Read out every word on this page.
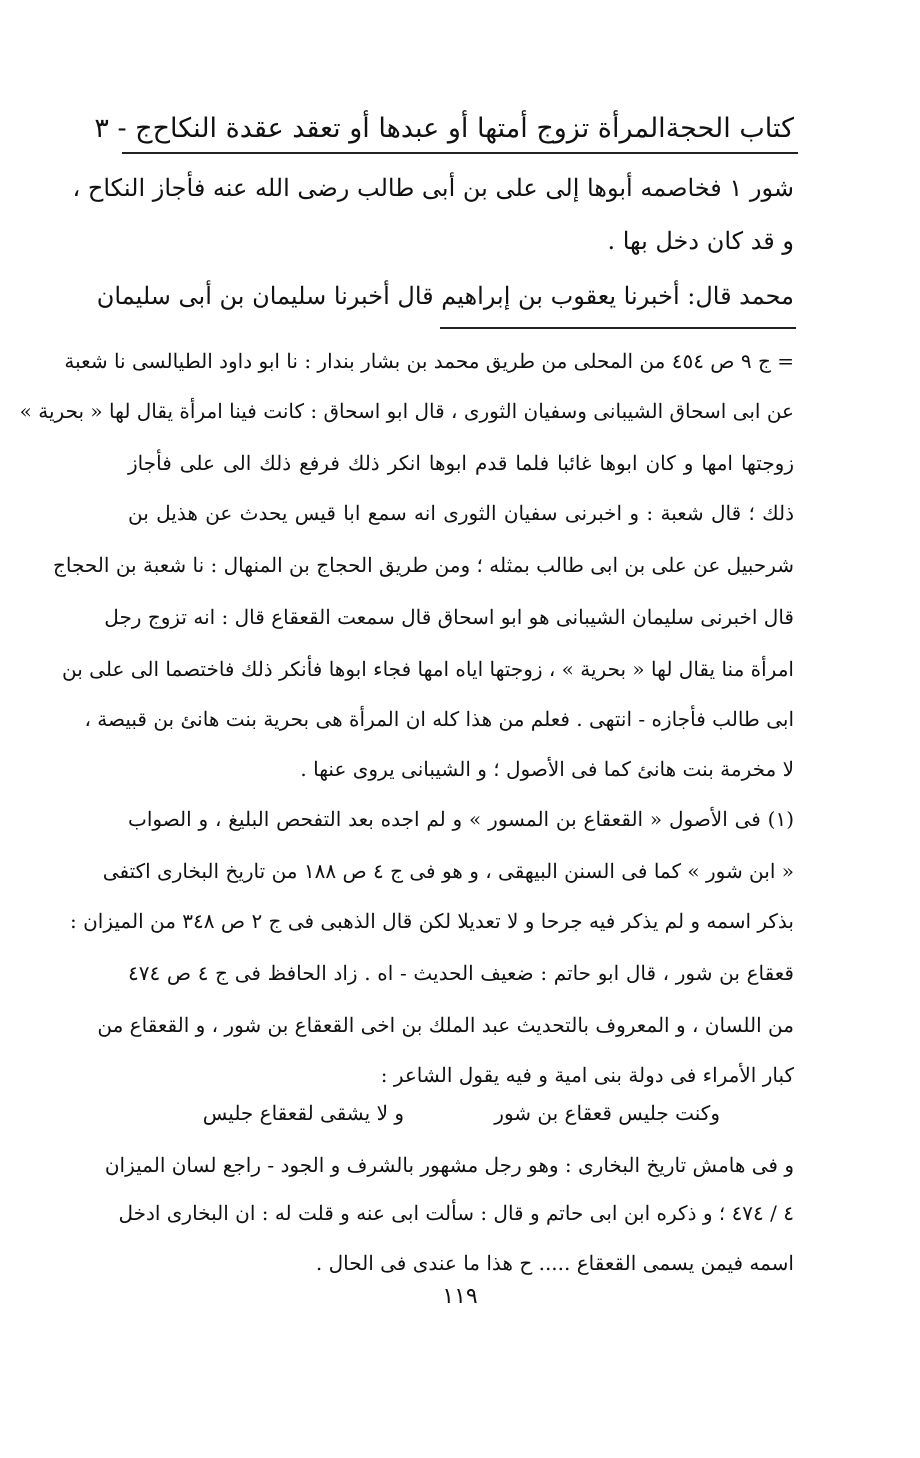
كتاب الحجة
المرأة تزوج أمتها أو عبدها أو تعقد عقدة النكاح
ج - ٣
شور ١ فخاصمه أبوها إلى على بن أبى طالب رضى الله عنه فأجاز النكاح ،
و قد كان دخل بها .
محمد قال: أخبرنا يعقوب بن إبراهيم قال أخبرنا سليمان بن أبى سليمان
= ج ٩ ص ٤٥٤ من المحلى من طريق محمد بن بشار بندار : نا ابو داود الطيالسى نا شعبة
عن ابى اسحاق الشيبانى وسفيان الثورى ، قال ابو اسحاق : كانت فينا امرأة يقال لها « بحرية »
زوجتها امها و كان ابوها غائبا فلما قدم ابوها انكر ذلك فرفع ذلك الى على فأجاز
ذلك ؛ قال شعبة : و اخبرنى سفيان الثورى انه سمع ابا قيس يحدث عن هذيل بن
شرحبيل عن على بن ابى طالب بمثله ؛ ومن طريق الحجاج بن المنهال : نا شعبة بن الحجاج
قال اخبرنى سليمان الشيبانى هو ابو اسحاق قال سمعت القعقاع قال : انه تزوج رجل
امرأة منا يقال لها « بحرية » ، زوجتها اياه امها فجاء ابوها فأنكر ذلك فاختصما الى على بن
ابى طالب فأجازه - انتهى . فعلم من هذا كله ان المرأة هى بحرية بنت هانئ بن قبيصة ،
لا مخرمة بنت هانئ كما فى الأصول ؛ و الشيبانى يروى عنها .
(١) فى الأصول « القعقاع بن المسور » و لم اجده بعد التفحص البليغ ، و الصواب
« ابن شور » كما فى السنن البيهقى ، و هو فى ج ٤ ص ١٨٨ من تاريخ البخارى اكتفى
بذكر اسمه و لم يذكر فيه جرحا و لا تعديلا لكن قال الذهبى فى ج ٢ ص ٣٤٨ من الميزان :
قعقاع بن شور ، قال ابو حاتم : ضعيف الحديث - اه . زاد الحافظ فى ج ٤ ص ٤٧٤
من اللسان ، و المعروف بالتحديث عبد الملك بن اخى القعقاع بن شور ، و القعقاع من
كبار الأمراء فى دولة بنى امية و فيه يقول الشاعر :
وكنت جليس قعقاع بن شور
و لا يشقى لقعقاع جليس
و فى هامش تاريخ البخارى : وهو رجل مشهور بالشرف و الجود - راجع لسان الميزان
٤ / ٤٧٤ ؛ و ذكره ابن ابى حاتم و قال : سألت ابى عنه و قلت له : ان البخارى ادخل
اسمه فيمن يسمى القعقاع ..... ح هذا ما عندى فى الحال .
١١٩
